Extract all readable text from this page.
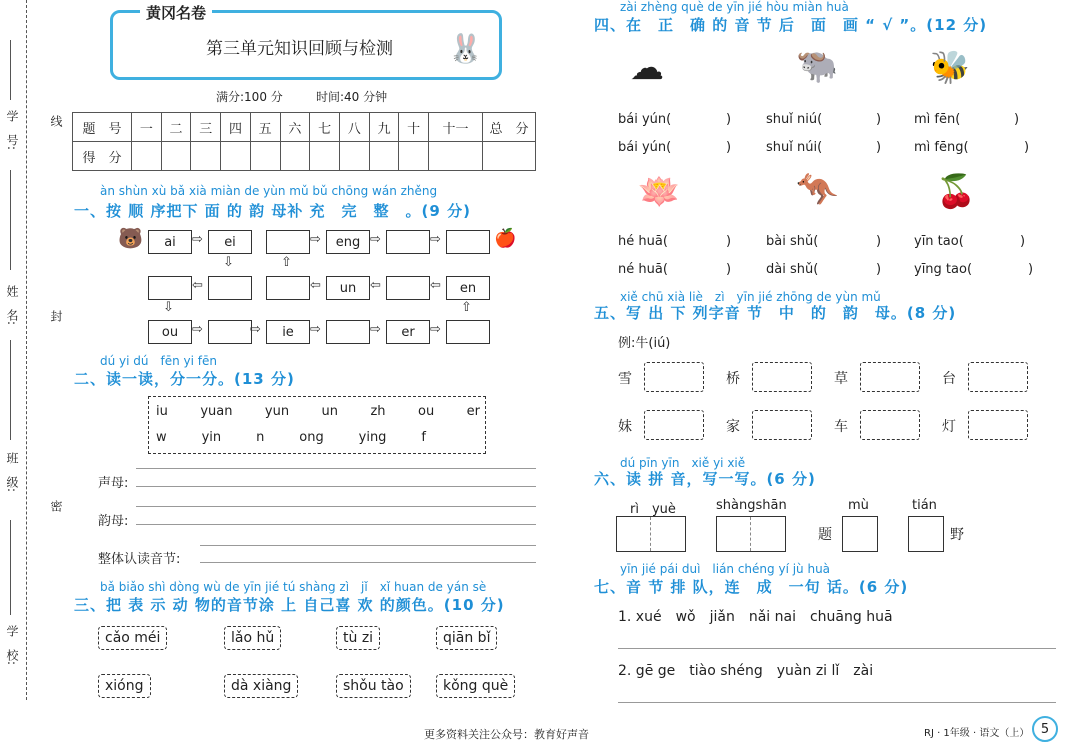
学　号:	线
姓　名:	封
班　级:
密
学　校:
黄冈名卷
第三单元知识回顾与检测 🐰
满分:100 分	时间:40 分钟
题　号	一	二	三	四	五	六	七	八	九	十	十一	总　分
得　分												
àn shùn xù bǎ xià miàn de yùn mǔ bǔ chōng wán zhěng
一、按 顺 序把下 面 的 韵 母补 充　完　整　。(9 分)
🐻	🍎
ai	⇨	ei	⇨	eng ⇨	⇨
⇩	⇧
⇦	⇦	un	⇦	⇦	en
⇩	⇧
ou	⇨	⇨	ie	⇨	⇨	er	⇨
dú yi dú　fēn yi fēn
二、读一读，分一分。(13 分)
iu yuan yun un zh ou er
w	yin	n	ong	ying	f
声母:
韵母:
整体认读音节:
bǎ biǎo shì dòng wù de yīn jié tú shàng zì　jǐ　xǐ huan de yán sè
三、把 表 示 动 物的音节涂 上 自己喜 欢 的颜色。(10 分)
cǎo méi	lǎo hǔ	tù zi	qiān bǐ
xióng	dà xiàng	shǒu tào	kǒng què
zài zhèng què de yīn jié hòu miàn huà
四、在　正　确 的 音 节 后　面　画 “ √ ”。(12 分)
☁	🐃	🐝
bái yún(	)	shuǐ niú(	)	mì fēn(	)
bái yún(	)	shuǐ núi(	)	mì fēng(	)
🪷	🦘	🍒
hé huā(	)	bài shǔ(	)	yīn tao(	)
né huā(	)	dài shǔ(	)	yīng tao(	)
xiě chū xià liè　zì　yīn jié zhōng de yùn mǔ
五、写 出 下 列字音 节　中　的　韵　母。(8 分)
例:牛(iú)
雪	桥	草	台
妹	家	车	灯
dú pīn yīn　xiě yi xiě
六、读 拼 音，写一写。(6 分)
rì　yuè	shàngshān	mù	tián
题	野
yīn jié pái duì　lián chéng yí jù huà
七、音 节 排 队，连　成　一句 话。(6 分)
1. xué　wǒ　jiǎn　nǎi nai　chuāng huā
2. gē ge　tiào shéng　yuàn zi lǐ　zài
更多资料关注公众号：教育好声音	RJ · 1年级 · 语文（上） 5
